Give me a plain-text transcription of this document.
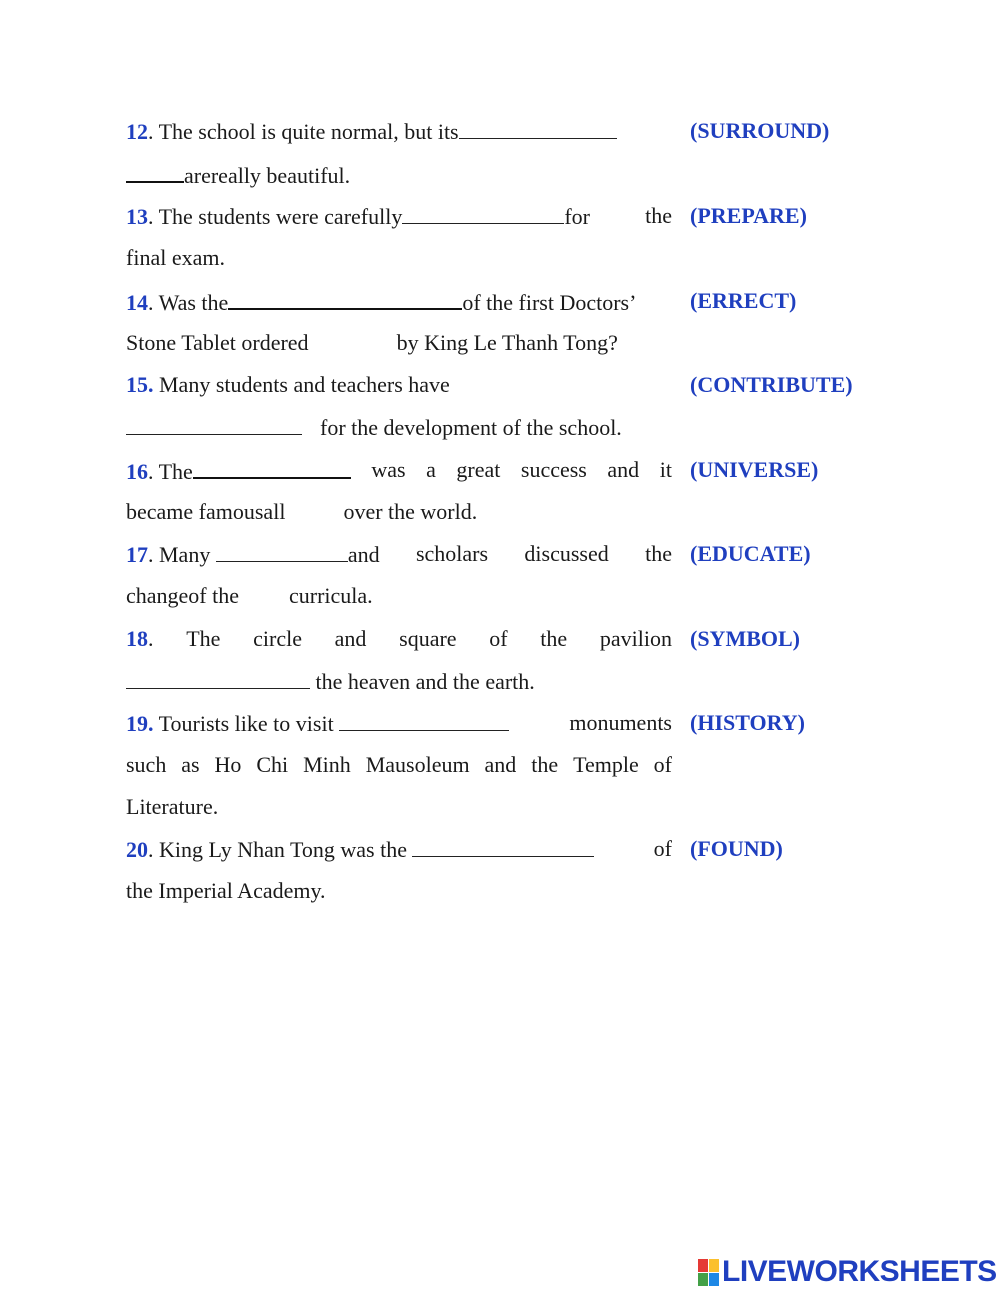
12. The school is quite normal, but its	(SURROUND)
arereally beautiful.
13. The students were carefully	for	the (PREPARE)
final exam.
14. Was the	of the first Doctors’ (ERRECT)
Stone Tablet ordered	by King Le Thanh Tong?
15. Many students and teachers have	(CONTRIBUTE)
for the development of the school.
16. The	was a great success and it (UNIVERSE)
became famousall	over the world.
17. Many	and scholars discussed the (EDUCATE)
changeof the curricula.
18. The circle and square of the pavilion (SYMBOL)
the heaven and the earth.
19. Tourists like to visit	monuments (HISTORY)
such as Ho Chi Minh Mausoleum and the Temple of
Literature.
20. King Ly Nhan Tong was the	of (FOUND)
the Imperial Academy.
LIVEWORKSHEETS
